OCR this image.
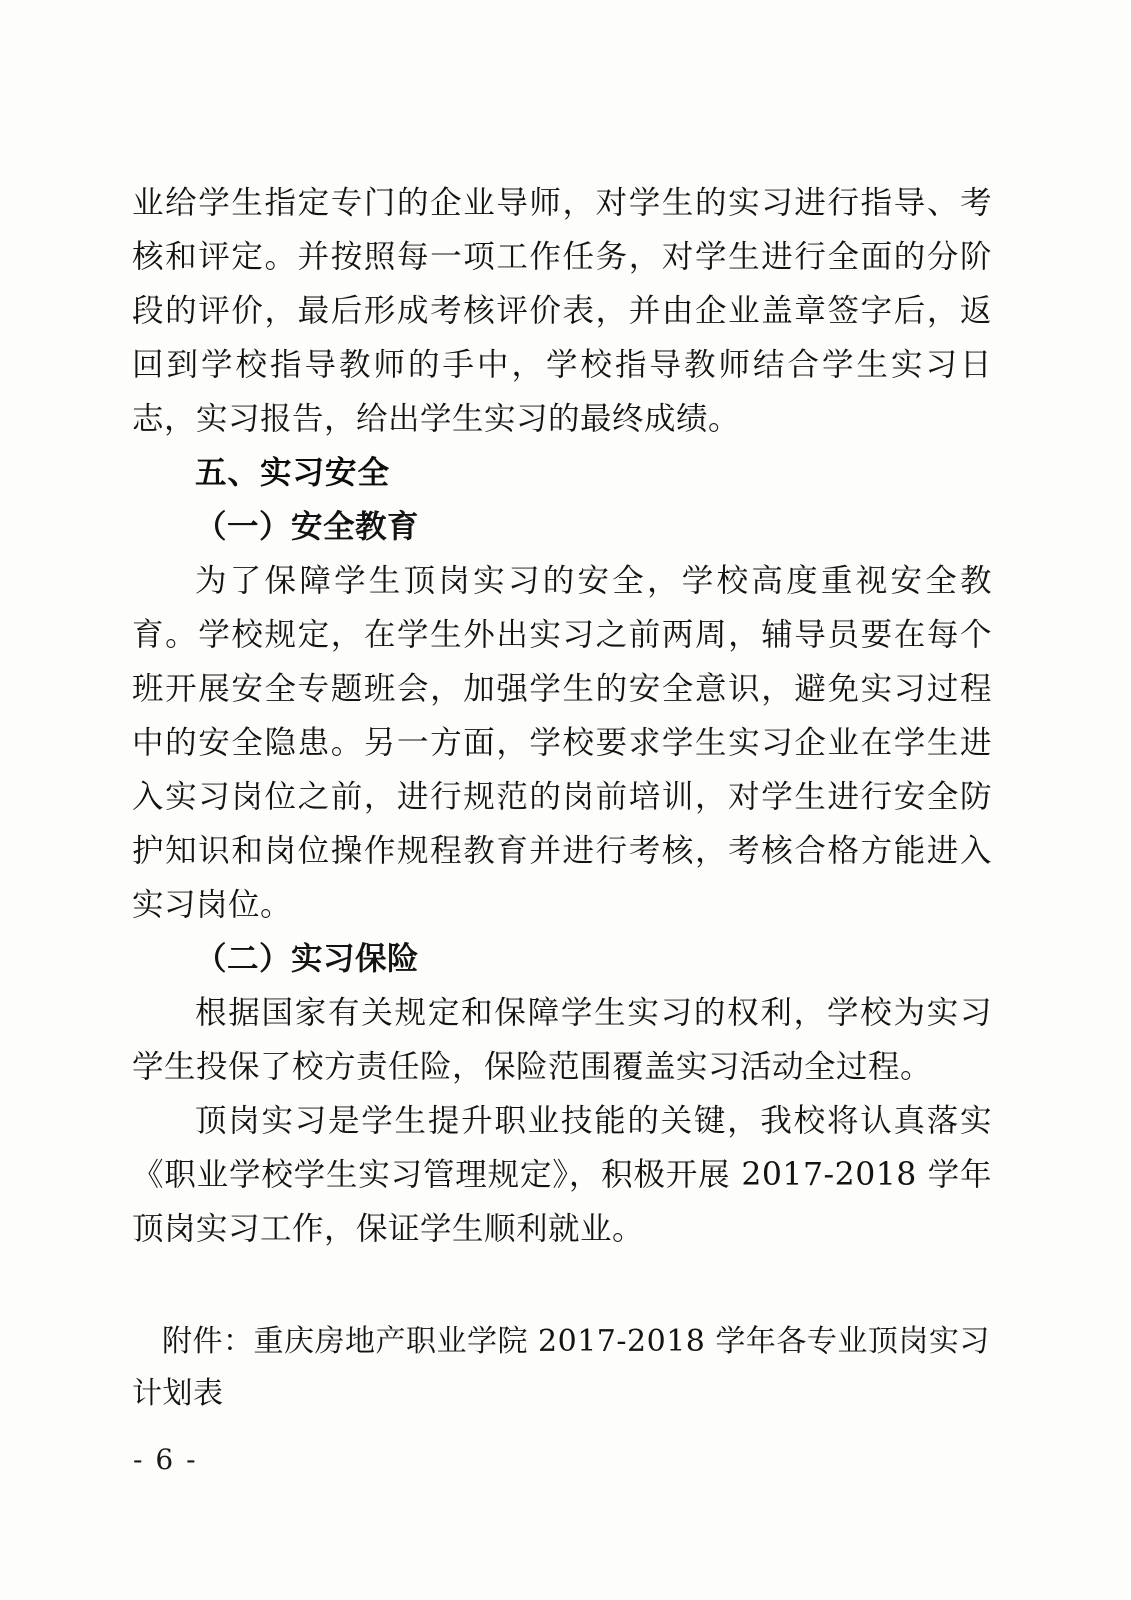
业给学生指定专门的企业导师，对学生的实习进行指导、考核和评定。并按照每一项工作任务，对学生进行全面的分阶段的评价，最后形成考核评价表，并由企业盖章签字后，返回到学校指导教师的手中，学校指导教师结合学生实习日志，实习报告，给出学生实习的最终成绩。

五、实习安全
（一）安全教育

为了保障学生顶岗实习的安全，学校高度重视安全教育。学校规定，在学生外出实习之前两周，辅导员要在每个班开展安全专题班会，加强学生的安全意识，避免实习过程中的安全隐患。另一方面，学校要求学生实习企业在学生进入实习岗位之前，进行规范的岗前培训，对学生进行安全防护知识和岗位操作规程教育并进行考核，考核合格方能进入实习岗位。

（二）实习保险

根据国家有关规定和保障学生实习的权利，学校为实习学生投保了校方责任险，保险范围覆盖实习活动全过程。

顶岗实习是学生提升职业技能的关键，我校将认真落实《职业学校学生实习管理规定》，积极开展 2017-2018 学年顶岗实习工作，保证学生顺利就业。

附件：重庆房地产职业学院 2017-2018 学年各专业顶岗实习计划表

- 6 -
